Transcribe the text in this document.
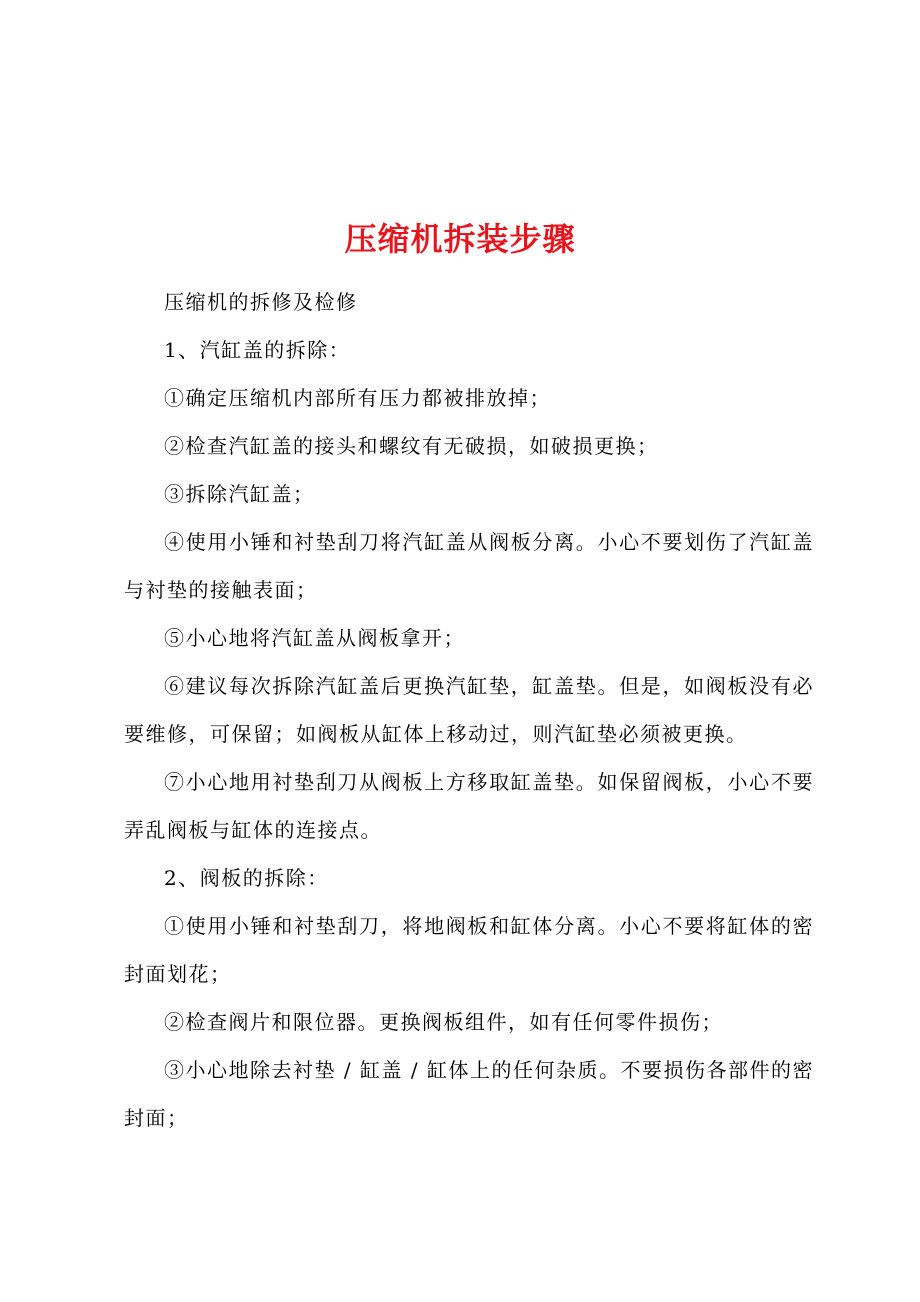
压缩机拆装步骤

压缩机的拆修及检修

1、汽缸盖的拆除：

①确定压缩机内部所有压力都被排放掉；

②检查汽缸盖的接头和螺纹有无破损，如破损更换；

③拆除汽缸盖；

④使用小锤和衬垫刮刀将汽缸盖从阀板分离。小心不要划伤了汽缸盖与衬垫的接触表面；

⑤小心地将汽缸盖从阀板拿开；

⑥建议每次拆除汽缸盖后更换汽缸垫，缸盖垫。但是，如阀板没有必要维修，可保留；如阀板从缸体上移动过，则汽缸垫必须被更换。

⑦小心地用衬垫刮刀从阀板上方移取缸盖垫。如保留阀板，小心不要弄乱阀板与缸体的连接点。

2、阀板的拆除：

①使用小锤和衬垫刮刀，将地阀板和缸体分离。小心不要将缸体的密封面划花；

②检查阀片和限位器。更换阀板组件，如有任何零件损伤；

③小心地除去衬垫 / 缸盖 / 缸体上的任何杂质。不要损伤各部件的密封面；
